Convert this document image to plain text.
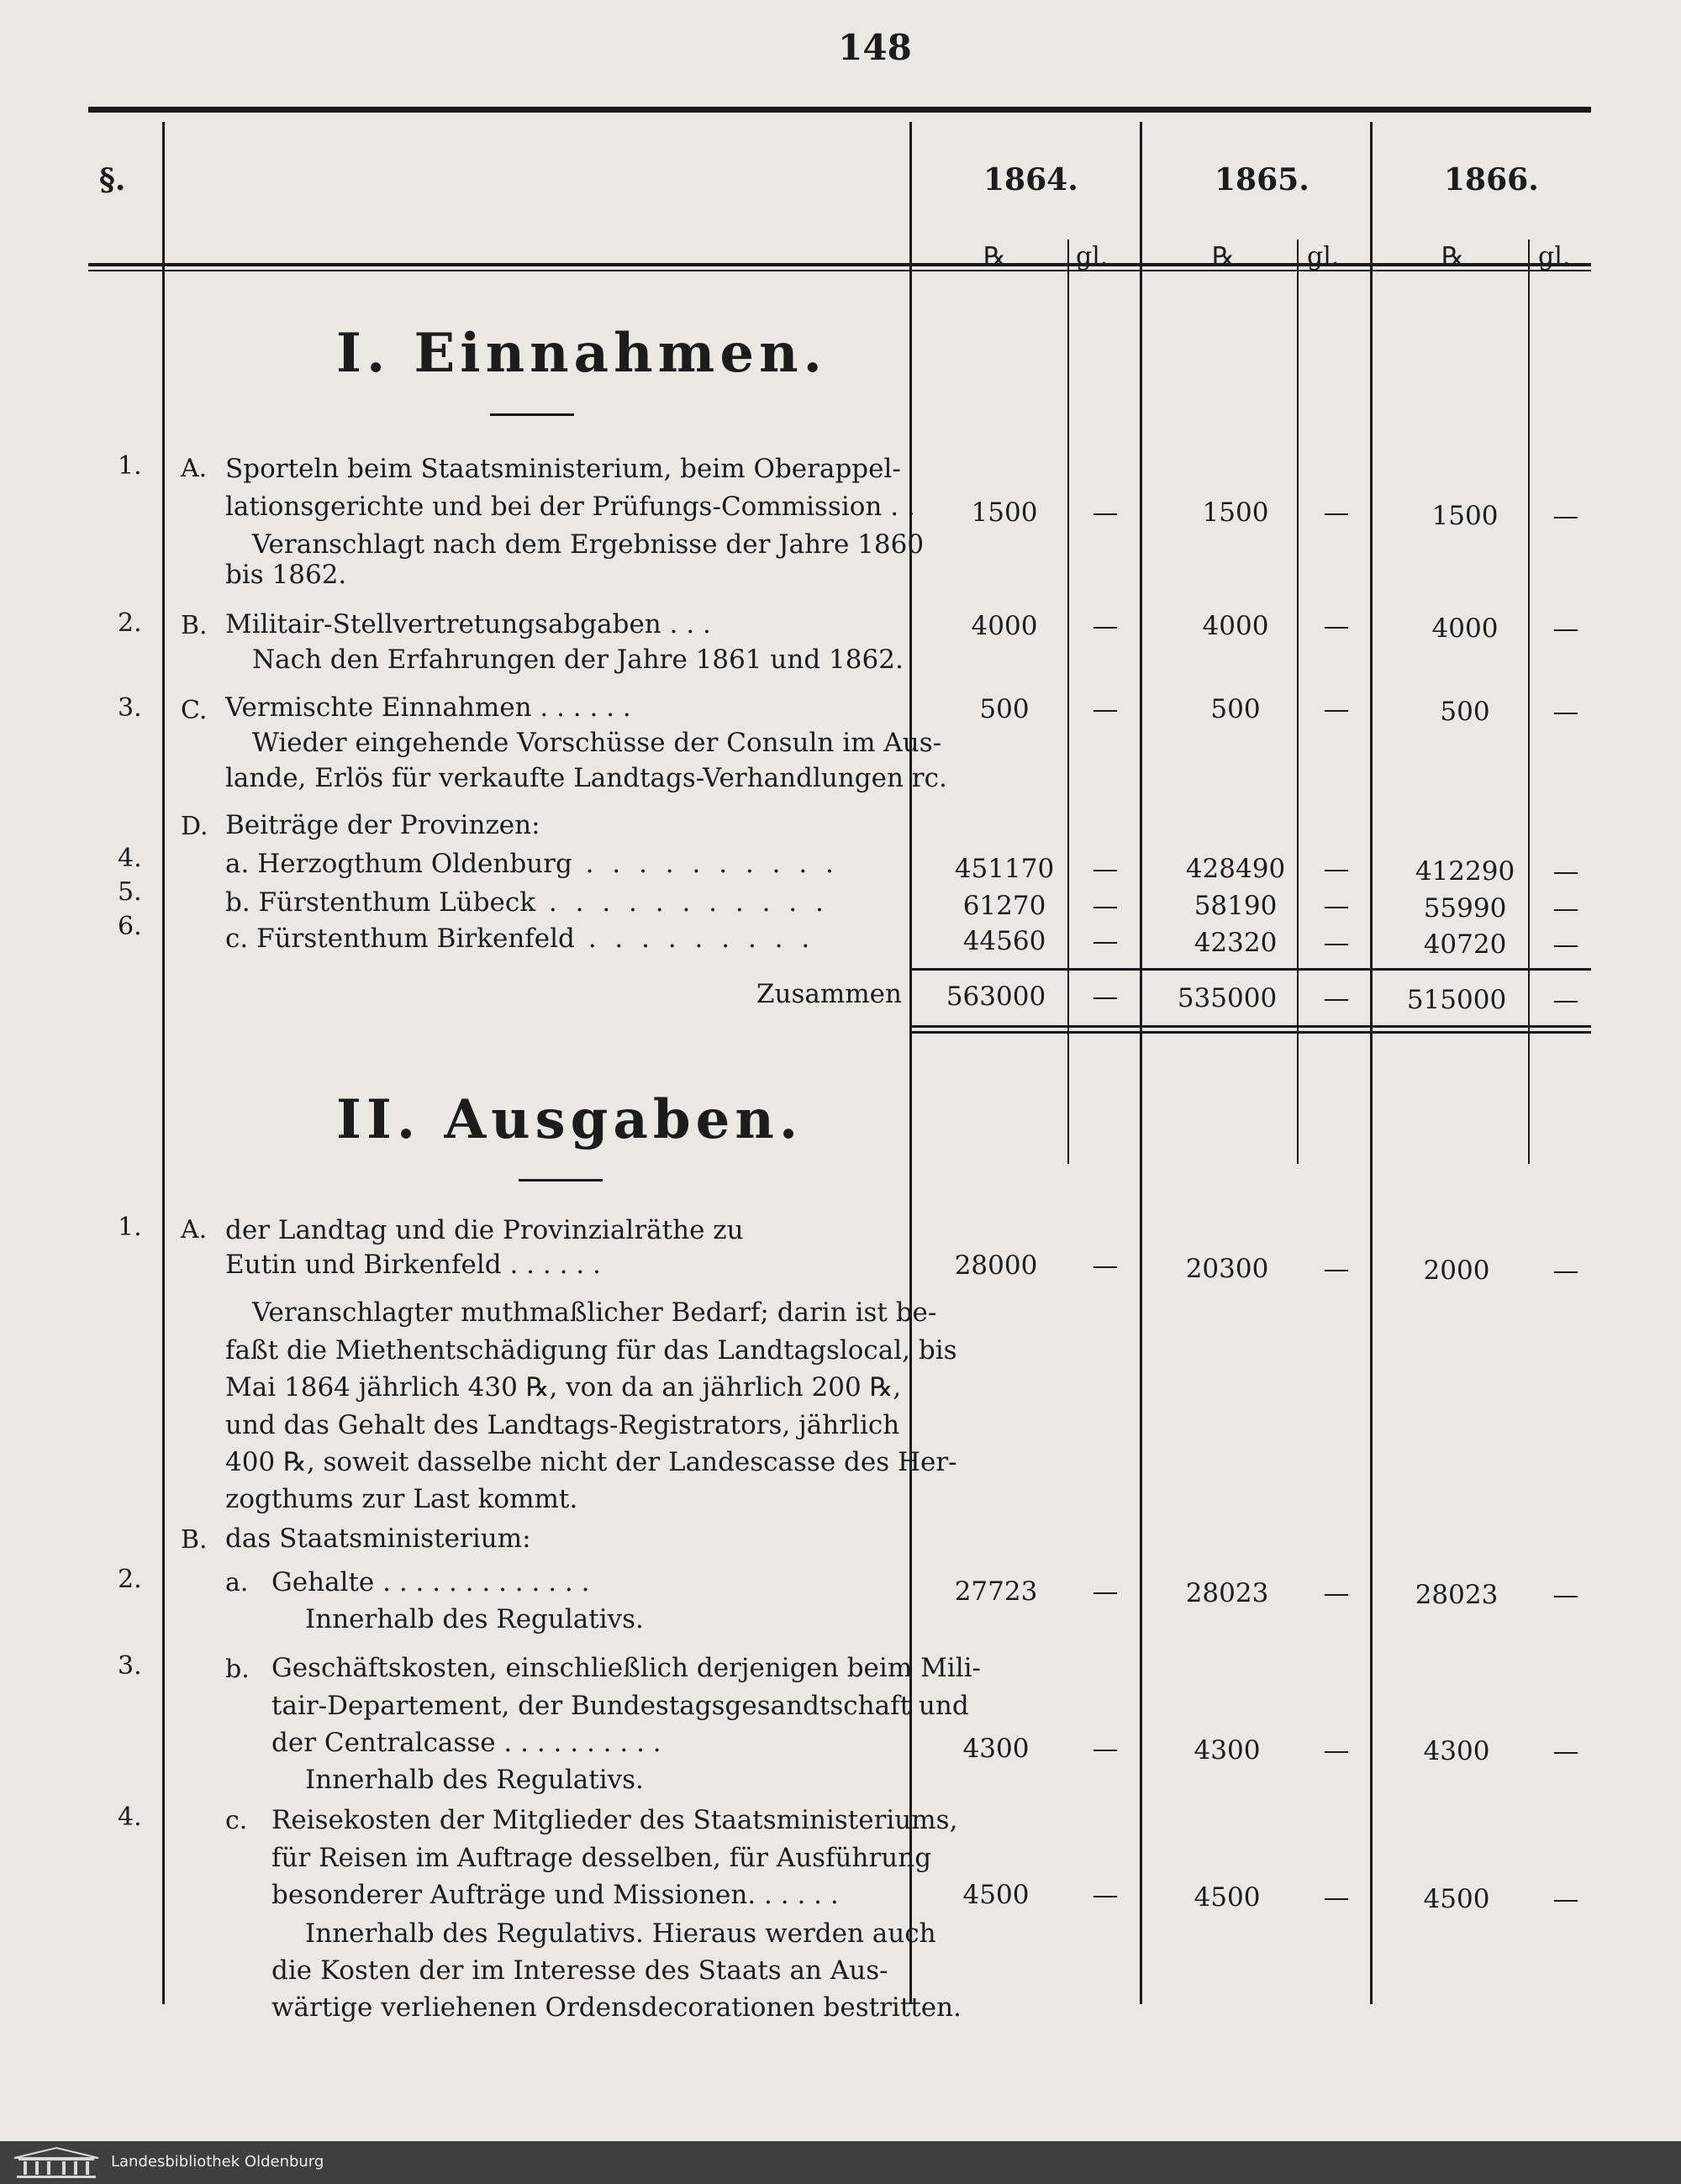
148
§.	1864.	1865.	1866.
℞	gl.	℞	gl.	℞	gl.
I. Einnahmen.
1. A. Sporteln beim Staatsministerium, beim Oberappel-
lationsgerichte und bei der Prüfungs-Commission . .
Veranschlagt nach dem Ergebnisse der Jahre 1860
bis 1862.
1500	—	1500	—	1500	—
2. B. Militair-Stellvertretungsabgaben . . .
Nach den Erfahrungen der Jahre 1861 und 1862.
4000	—	4000	—	4000	—
3. C. Vermischte Einnahmen . . . . . .
Wieder eingehende Vorschüsse der Consuln im Aus-
lande, Erlös für verkaufte Landtags-Verhandlungen rc.
500	—	500	—	500	—
D. Beiträge der Provinzen:
4.	a. Herzogthum Oldenburg . . . . . . . . . .	451170	—	428490	—	412290	—
5.	b. Fürstenthum Lübeck . . . . . . . . . . .	61270	—	58190	—	55990	—
6.	c. Fürstenthum Birkenfeld . . . . . . . . .	44560	—	42320	—	40720	—
Zusammen	563000	—	535000	—	515000	—
II. Ausgaben.
1. A. der Landtag und die Provinzialräthe zu
Eutin und Birkenfeld . . . . . .
Veranschlagter muthmaßlicher Bedarf; darin ist be-
faßt die Miethentschädigung für das Landtagslocal, bis
Mai 1864 jährlich 430 ℞, von da an jährlich 200 ℞,
und das Gehalt des Landtags-Registrators, jährlich
400 ℞, soweit dasselbe nicht der Landescasse des Her-
zogthums zur Last kommt.
28000	—	20300	—	2000	—
B. das Staatsministerium:
2.	a. Gehalte . . . . . . . . . . . . .
Innerhalb des Regulativs.
27723	—	28023	—	28023	—
3.	b. Geschäftskosten, einschließlich derjenigen beim Mili-
tair-Departement, der Bundestagsgesandtschaft und
der Centralcasse . . . . . . . . . .
Innerhalb des Regulativs.
4300	—	4300	—	4300	—
4.	c. Reisekosten der Mitglieder des Staatsministeriums,
für Reisen im Auftrage desselben, für Ausführung
besonderer Aufträge und Missionen. . . . . .
Innerhalb des Regulativs. Hieraus werden auch
die Kosten der im Interesse des Staats an Aus-
wärtige verliehenen Ordensdecorationen bestritten.
4500	—	4500	—	4500	—
Landesbibliothek Oldenburg
